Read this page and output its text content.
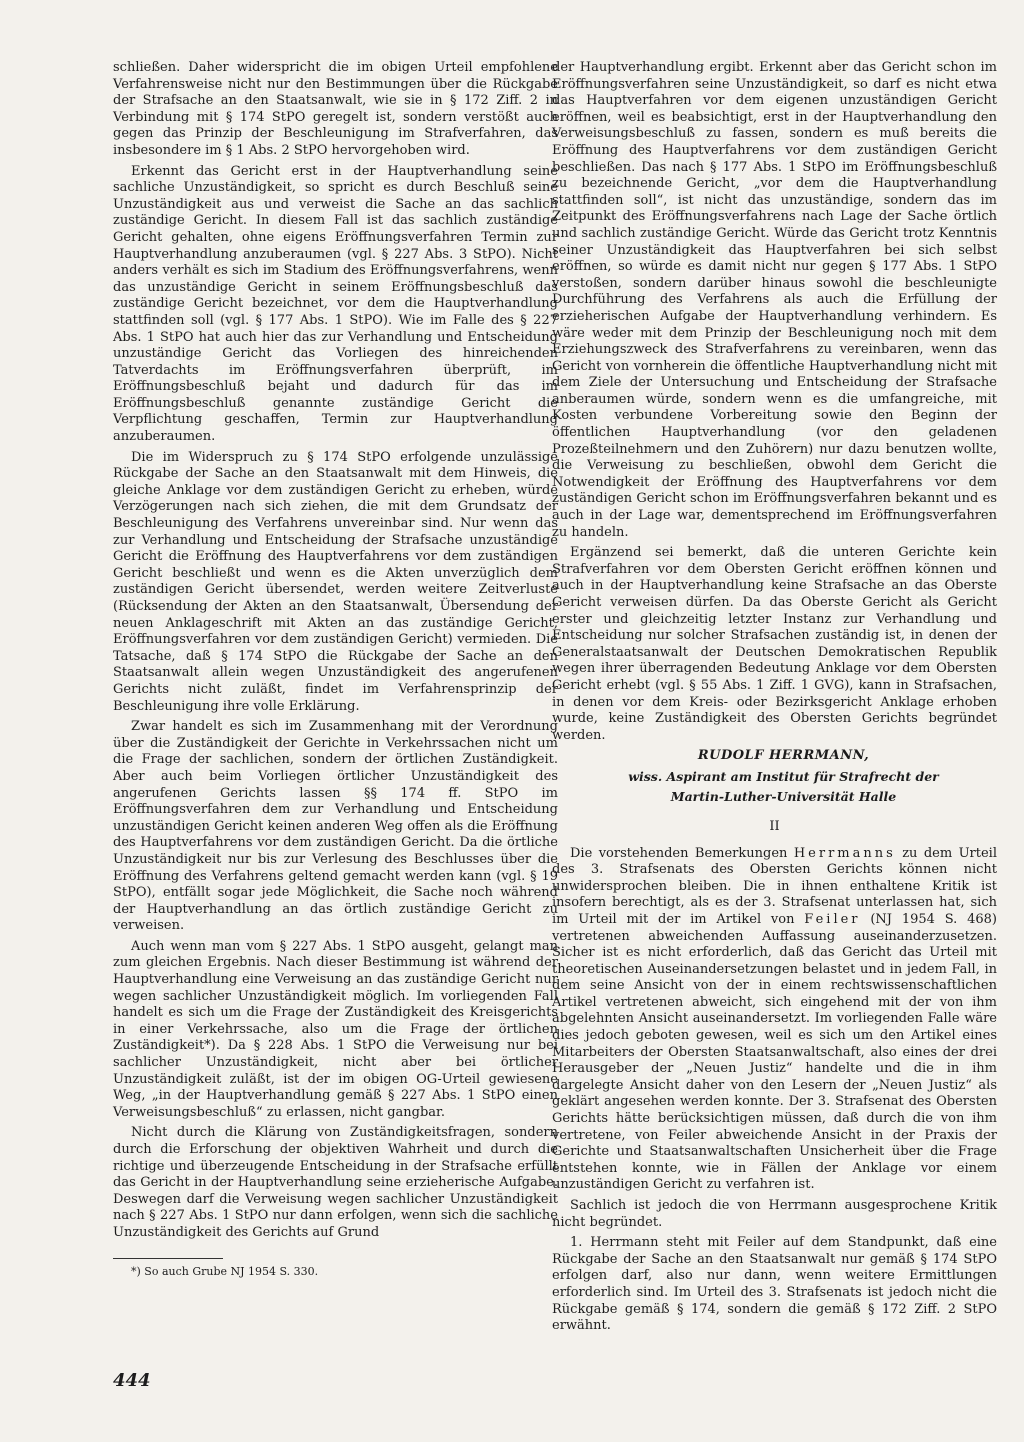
schließen. Daher widerspricht die im obigen Urteil empfohlene Verfahrensweise nicht nur den Bestimmungen über die Rückgabe der Strafsache an den Staatsanwalt, wie sie in § 172 Ziff. 2 in Verbindung mit § 174 StPO geregelt ist, sondern verstößt auch gegen das Prinzip der Beschleunigung im Strafverfahren, das insbesondere im § 1 Abs. 2 StPO hervorgehoben wird.

Erkennt das Gericht erst in der Hauptverhandlung seine sachliche Unzuständigkeit, so spricht es durch Beschluß seine Unzuständigkeit aus und verweist die Sache an das sachlich zuständige Gericht. In diesem Fall ist das sachlich zuständige Gericht gehalten, ohne eigens Eröffnungsverfahren Termin zur Hauptverhandlung anzuberaumen (vgl. § 227 Abs. 3 StPO). Nicht anders verhält es sich im Stadium des Eröffnungsverfahrens, wenn das unzuständige Gericht in seinem Eröffnungsbeschluß das zuständige Gericht bezeichnet, vor dem die Hauptverhandlung stattfinden soll (vgl. § 177 Abs. 1 StPO). Wie im Falle des § 227 Abs. 1 StPO hat auch hier das zur Verhandlung und Entscheidung unzuständige Gericht das Vorliegen des hinreichenden Tatverdachts im Eröffnungsverfahren überprüft, im Eröffnungsbeschluß bejaht und dadurch für das im Eröffnungsbeschluß genannte zuständige Gericht die Verpflichtung geschaffen, Termin zur Hauptverhandlung anzuberaumen.

Die im Widerspruch zu § 174 StPO erfolgende unzulässige Rückgabe der Sache an den Staatsanwalt mit dem Hinweis, die gleiche Anklage vor dem zuständigen Gericht zu erheben, würde Verzögerungen nach sich ziehen, die mit dem Grundsatz der Beschleunigung des Verfahrens unvereinbar sind. Nur wenn das zur Verhandlung und Entscheidung der Strafsache unzuständige Gericht die Eröffnung des Hauptverfahrens vor dem zuständigen Gericht beschließt und wenn es die Akten unverzüglich dem zuständigen Gericht übersendet, werden weitere Zeitverluste (Rücksendung der Akten an den Staatsanwalt, Übersendung der neuen Anklageschrift mit Akten an das zuständige Gericht, Eröffnungsverfahren vor dem zuständigen Gericht) vermieden. Die Tatsache, daß § 174 StPO die Rückgabe der Sache an den Staatsanwalt allein wegen Unzuständigkeit des angerufenen Gerichts nicht zuläßt, findet im Verfahrensprinzip der Beschleunigung ihre volle Erklärung.

Zwar handelt es sich im Zusammenhang mit der Verordnung über die Zuständigkeit der Gerichte in Verkehrssachen nicht um die Frage der sachlichen, sondern der örtlichen Zuständigkeit. Aber auch beim Vorliegen örtlicher Unzuständigkeit des angerufenen Gerichts lassen §§ 174 ff. StPO im Eröffnungsverfahren dem zur Verhandlung und Entscheidung unzuständigen Gericht keinen anderen Weg offen als die Eröffnung des Hauptverfahrens vor dem zuständigen Gericht. Da die örtliche Unzuständigkeit nur bis zur Verlesung des Beschlusses über die Eröffnung des Verfahrens geltend gemacht werden kann (vgl. § 19 StPO), entfällt sogar jede Möglichkeit, die Sache noch während der Hauptverhandlung an das örtlich zuständige Gericht zu verweisen.

Auch wenn man vom § 227 Abs. 1 StPO ausgeht, gelangt man zum gleichen Ergebnis. Nach dieser Bestimmung ist während der Hauptverhandlung eine Verweisung an das zuständige Gericht nur wegen sachlicher Unzuständigkeit möglich. Im vorliegenden Fall handelt es sich um die Frage der Zuständigkeit des Kreisgerichts in einer Verkehrssache, also um die Frage der örtlichen Zuständigkeit*). Da § 228 Abs. 1 StPO die Verweisung nur bei sachlicher Unzuständigkeit, nicht aber bei örtlicher Unzuständigkeit zuläßt, ist der im obigen OG-Urteil gewiesene Weg, „in der Hauptverhandlung gemäß § 227 Abs. 1 StPO einen Verweisungsbeschluß“ zu erlassen, nicht gangbar.

Nicht durch die Klärung von Zuständigkeitsfragen, sondern durch die Erforschung der objektiven Wahrheit und durch die richtige und überzeugende Entscheidung in der Strafsache erfüllt das Gericht in der Hauptverhandlung seine erzieherische Aufgabe. Deswegen darf die Verweisung wegen sachlicher Unzuständigkeit nach § 227 Abs. 1 StPO nur dann erfolgen, wenn sich die sachliche Unzuständigkeit des Gerichts auf Grund

*) So auch Grube NJ 1954 S. 330.

der Hauptverhandlung ergibt. Erkennt aber das Gericht schon im Eröffnungsverfahren seine Unzuständigkeit, so darf es nicht etwa das Hauptverfahren vor dem eigenen unzuständigen Gericht eröffnen, weil es beabsichtigt, erst in der Hauptverhandlung den Verweisungsbeschluß zu fassen, sondern es muß bereits die Eröffnung des Hauptverfahrens vor dem zuständigen Gericht beschließen. Das nach § 177 Abs. 1 StPO im Eröffnungsbeschluß zu bezeichnende Gericht, „vor dem die Hauptverhandlung stattfinden soll“, ist nicht das unzuständige, sondern das im Zeitpunkt des Eröffnungsverfahrens nach Lage der Sache örtlich und sachlich zuständige Gericht. Würde das Gericht trotz Kenntnis seiner Unzuständigkeit das Hauptverfahren bei sich selbst eröffnen, so würde es damit nicht nur gegen § 177 Abs. 1 StPO verstoßen, sondern darüber hinaus sowohl die beschleunigte Durchführung des Verfahrens als auch die Erfüllung der erzieherischen Aufgabe der Hauptverhandlung verhindern. Es wäre weder mit dem Prinzip der Beschleunigung noch mit dem Erziehungszweck des Strafverfahrens zu vereinbaren, wenn das Gericht von vornherein die öffentliche Hauptverhandlung nicht mit dem Ziele der Untersuchung und Entscheidung der Strafsache anberaumen würde, sondern wenn es die umfangreiche, mit Kosten verbundene Vorbereitung sowie den Beginn der öffentlichen Hauptverhandlung (vor den geladenen Prozeßteilnehmern und den Zuhörern) nur dazu benutzen wollte, die Verweisung zu beschließen, obwohl dem Gericht die Notwendigkeit der Eröffnung des Hauptverfahrens vor dem zuständigen Gericht schon im Eröffnungsverfahren bekannt und es auch in der Lage war, dementsprechend im Eröffnungsverfahren zu handeln.

Ergänzend sei bemerkt, daß die unteren Gerichte kein Strafverfahren vor dem Obersten Gericht eröffnen können und auch in der Hauptverhandlung keine Strafsache an das Oberste Gericht verweisen dürfen. Da das Oberste Gericht als Gericht erster und gleichzeitig letzter Instanz zur Verhandlung und Entscheidung nur solcher Strafsachen zuständig ist, in denen der Generalstaatsanwalt der Deutschen Demokratischen Republik wegen ihrer überragenden Bedeutung Anklage vor dem Obersten Gericht erhebt (vgl. § 55 Abs. 1 Ziff. 1 GVG), kann in Strafsachen, in denen vor dem Kreis- oder Bezirksgericht Anklage erhoben wurde, keine Zuständigkeit des Obersten Gerichts begründet werden.

RUDOLF HERRMANN,

wiss. Aspirant am Institut für Strafrecht der

Martin-Luther-Universität Halle

II

Die vorstehenden Bemerkungen Herrmanns zu dem Urteil des 3. Strafsenats des Obersten Gerichts können nicht unwidersprochen bleiben. Die in ihnen enthaltene Kritik ist insofern berechtigt, als es der 3. Strafsenat unterlassen hat, sich im Urteil mit der im Artikel von Feiler (NJ 1954 S. 468) vertretenen abweichenden Auffassung auseinanderzusetzen. Sicher ist es nicht erforderlich, daß das Gericht das Urteil mit theoretischen Auseinandersetzungen belastet und in jedem Fall, in dem seine Ansicht von der in einem rechtswissenschaftlichen Artikel vertretenen abweicht, sich eingehend mit der von ihm abgelehnten Ansicht auseinandersetzt. Im vorliegenden Falle wäre dies jedoch geboten gewesen, weil es sich um den Artikel eines Mitarbeiters der Obersten Staatsanwaltschaft, also eines der drei Herausgeber der „Neuen Justiz“ handelte und die in ihm dargelegte Ansicht daher von den Lesern der „Neuen Justiz“ als geklärt angesehen werden konnte. Der 3. Strafsenat des Obersten Gerichts hätte berücksichtigen müssen, daß durch die von ihm vertretene, von Feiler abweichende Ansicht in der Praxis der Gerichte und Staatsanwaltschaften Unsicherheit über die Frage entstehen konnte, wie in Fällen der Anklage vor einem unzuständigen Gericht zu verfahren ist.

Sachlich ist jedoch die von Herrmann ausgesprochene Kritik nicht begründet.

1. Herrmann steht mit Feiler auf dem Standpunkt, daß eine Rückgabe der Sache an den Staatsanwalt nur gemäß § 174 StPO erfolgen darf, also nur dann, wenn weitere Ermittlungen erforderlich sind. Im Urteil des 3. Strafsenats ist jedoch nicht die Rückgabe gemäß § 174, sondern die gemäß § 172 Ziff. 2 StPO erwähnt.

444
